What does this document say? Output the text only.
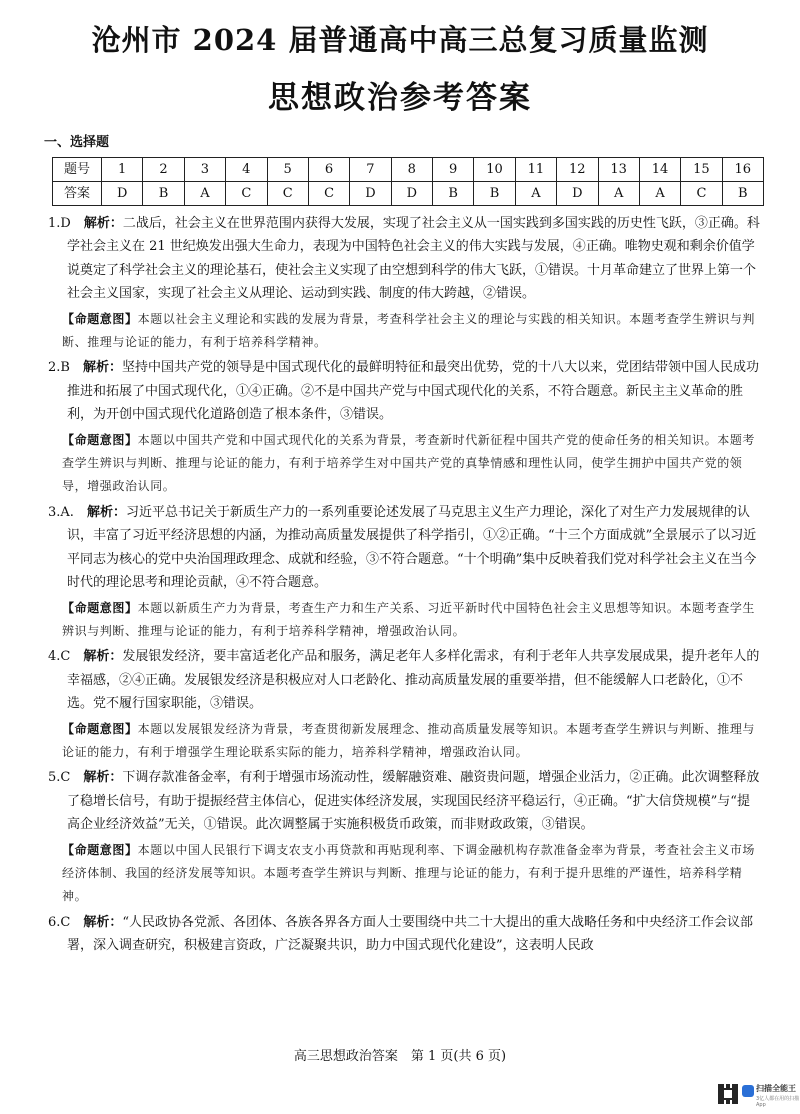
沧州市 2024 届普通高中高三总复习质量监测
思想政治参考答案
一、选择题
题号	1	2	3	4	5	6	7	8	9	10	11	12	13	14	15	16
答案	D	B	A	C	C	C	D	D	B	B	A	D	A	A	C	B

1.D  解析：二战后，社会主义在世界范围内获得大发展，实现了社会主义从一国实践到多国实践的历史性飞跃，③正确。科学社会主义在 21 世纪焕发出强大生命力，表现为中国特色社会主义的伟大实践与发展，④正确。唯物史观和剩余价值学说奠定了科学社会主义的理论基石，使社会主义实现了由空想到科学的伟大飞跃，①错误。十月革命建立了世界上第一个社会主义国家，实现了社会主义从理论、运动到实践、制度的伟大跨越，②错误。

【命题意图】本题以社会主义理论和实践的发展为背景，考查科学社会主义的理论与实践的相关知识。本题考查学生辨识与判断、推理与论证的能力，有利于培养科学精神。

2.B  解析：坚持中国共产党的领导是中国式现代化的最鲜明特征和最突出优势，党的十八大以来，党团结带领中国人民成功推进和拓展了中国式现代化，①④正确。②不是中国共产党与中国式现代化的关系，不符合题意。新民主主义革命的胜利，为开创中国式现代化道路创造了根本条件，③错误。

【命题意图】本题以中国共产党和中国式现代化的关系为背景，考查新时代新征程中国共产党的使命任务的相关知识。本题考查学生辨识与判断、推理与论证的能力，有利于培养学生对中国共产党的真挚情感和理性认同，使学生拥护中国共产党的领导，增强政治认同。

3.A.  解析：习近平总书记关于新质生产力的一系列重要论述发展了马克思主义生产力理论，深化了对生产力发展规律的认识，丰富了习近平经济思想的内涵，为推动高质量发展提供了科学指引，①②正确。“十三个方面成就”全景展示了以习近平同志为核心的党中央治国理政理念、成就和经验，③不符合题意。“十个明确”集中反映着我们党对科学社会主义在当今时代的理论思考和理论贡献，④不符合题意。

【命题意图】本题以新质生产力为背景，考查生产力和生产关系、习近平新时代中国特色社会主义思想等知识。本题考查学生辨识与判断、推理与论证的能力，有利于培养科学精神，增强政治认同。

4.C  解析：发展银发经济，要丰富适老化产品和服务，满足老年人多样化需求，有利于老年人共享发展成果，提升老年人的幸福感，②④正确。发展银发经济是积极应对人口老龄化、推动高质量发展的重要举措，但不能缓解人口老龄化，①不选。党不履行国家职能，③错误。

【命题意图】本题以发展银发经济为背景，考查贯彻新发展理念、推动高质量发展等知识。本题考查学生辨识与判断、推理与论证的能力，有利于增强学生理论联系实际的能力，培养科学精神，增强政治认同。

5.C  解析：下调存款准备金率，有利于增强市场流动性，缓解融资难、融资贵问题，增强企业活力，②正确。此次调整释放了稳增长信号，有助于提振经营主体信心，促进实体经济发展，实现国民经济平稳运行，④正确。“扩大信贷规模”与“提高企业经济效益”无关，①错误。此次调整属于实施积极货币政策，而非财政政策，③错误。

【命题意图】本题以中国人民银行下调支农支小再贷款和再贴现利率、下调金融机构存款准备金率为背景，考查社会主义市场经济体制、我国的经济发展等知识。本题考查学生辨识与判断、推理与论证的能力，有利于提升思维的严谨性，培养科学精神。

6.C  解析：“人民政协各党派、各团体、各族各界各方面人士要围绕中共二十大提出的重大战略任务和中央经济工作会议部署，深入调查研究，积极建言资政，广泛凝聚共识，助力中国式现代化建设”，这表明人民政

高三思想政治答案　第 1 页(共 6 页)
扫描全能王
3亿人都在用的扫描App
